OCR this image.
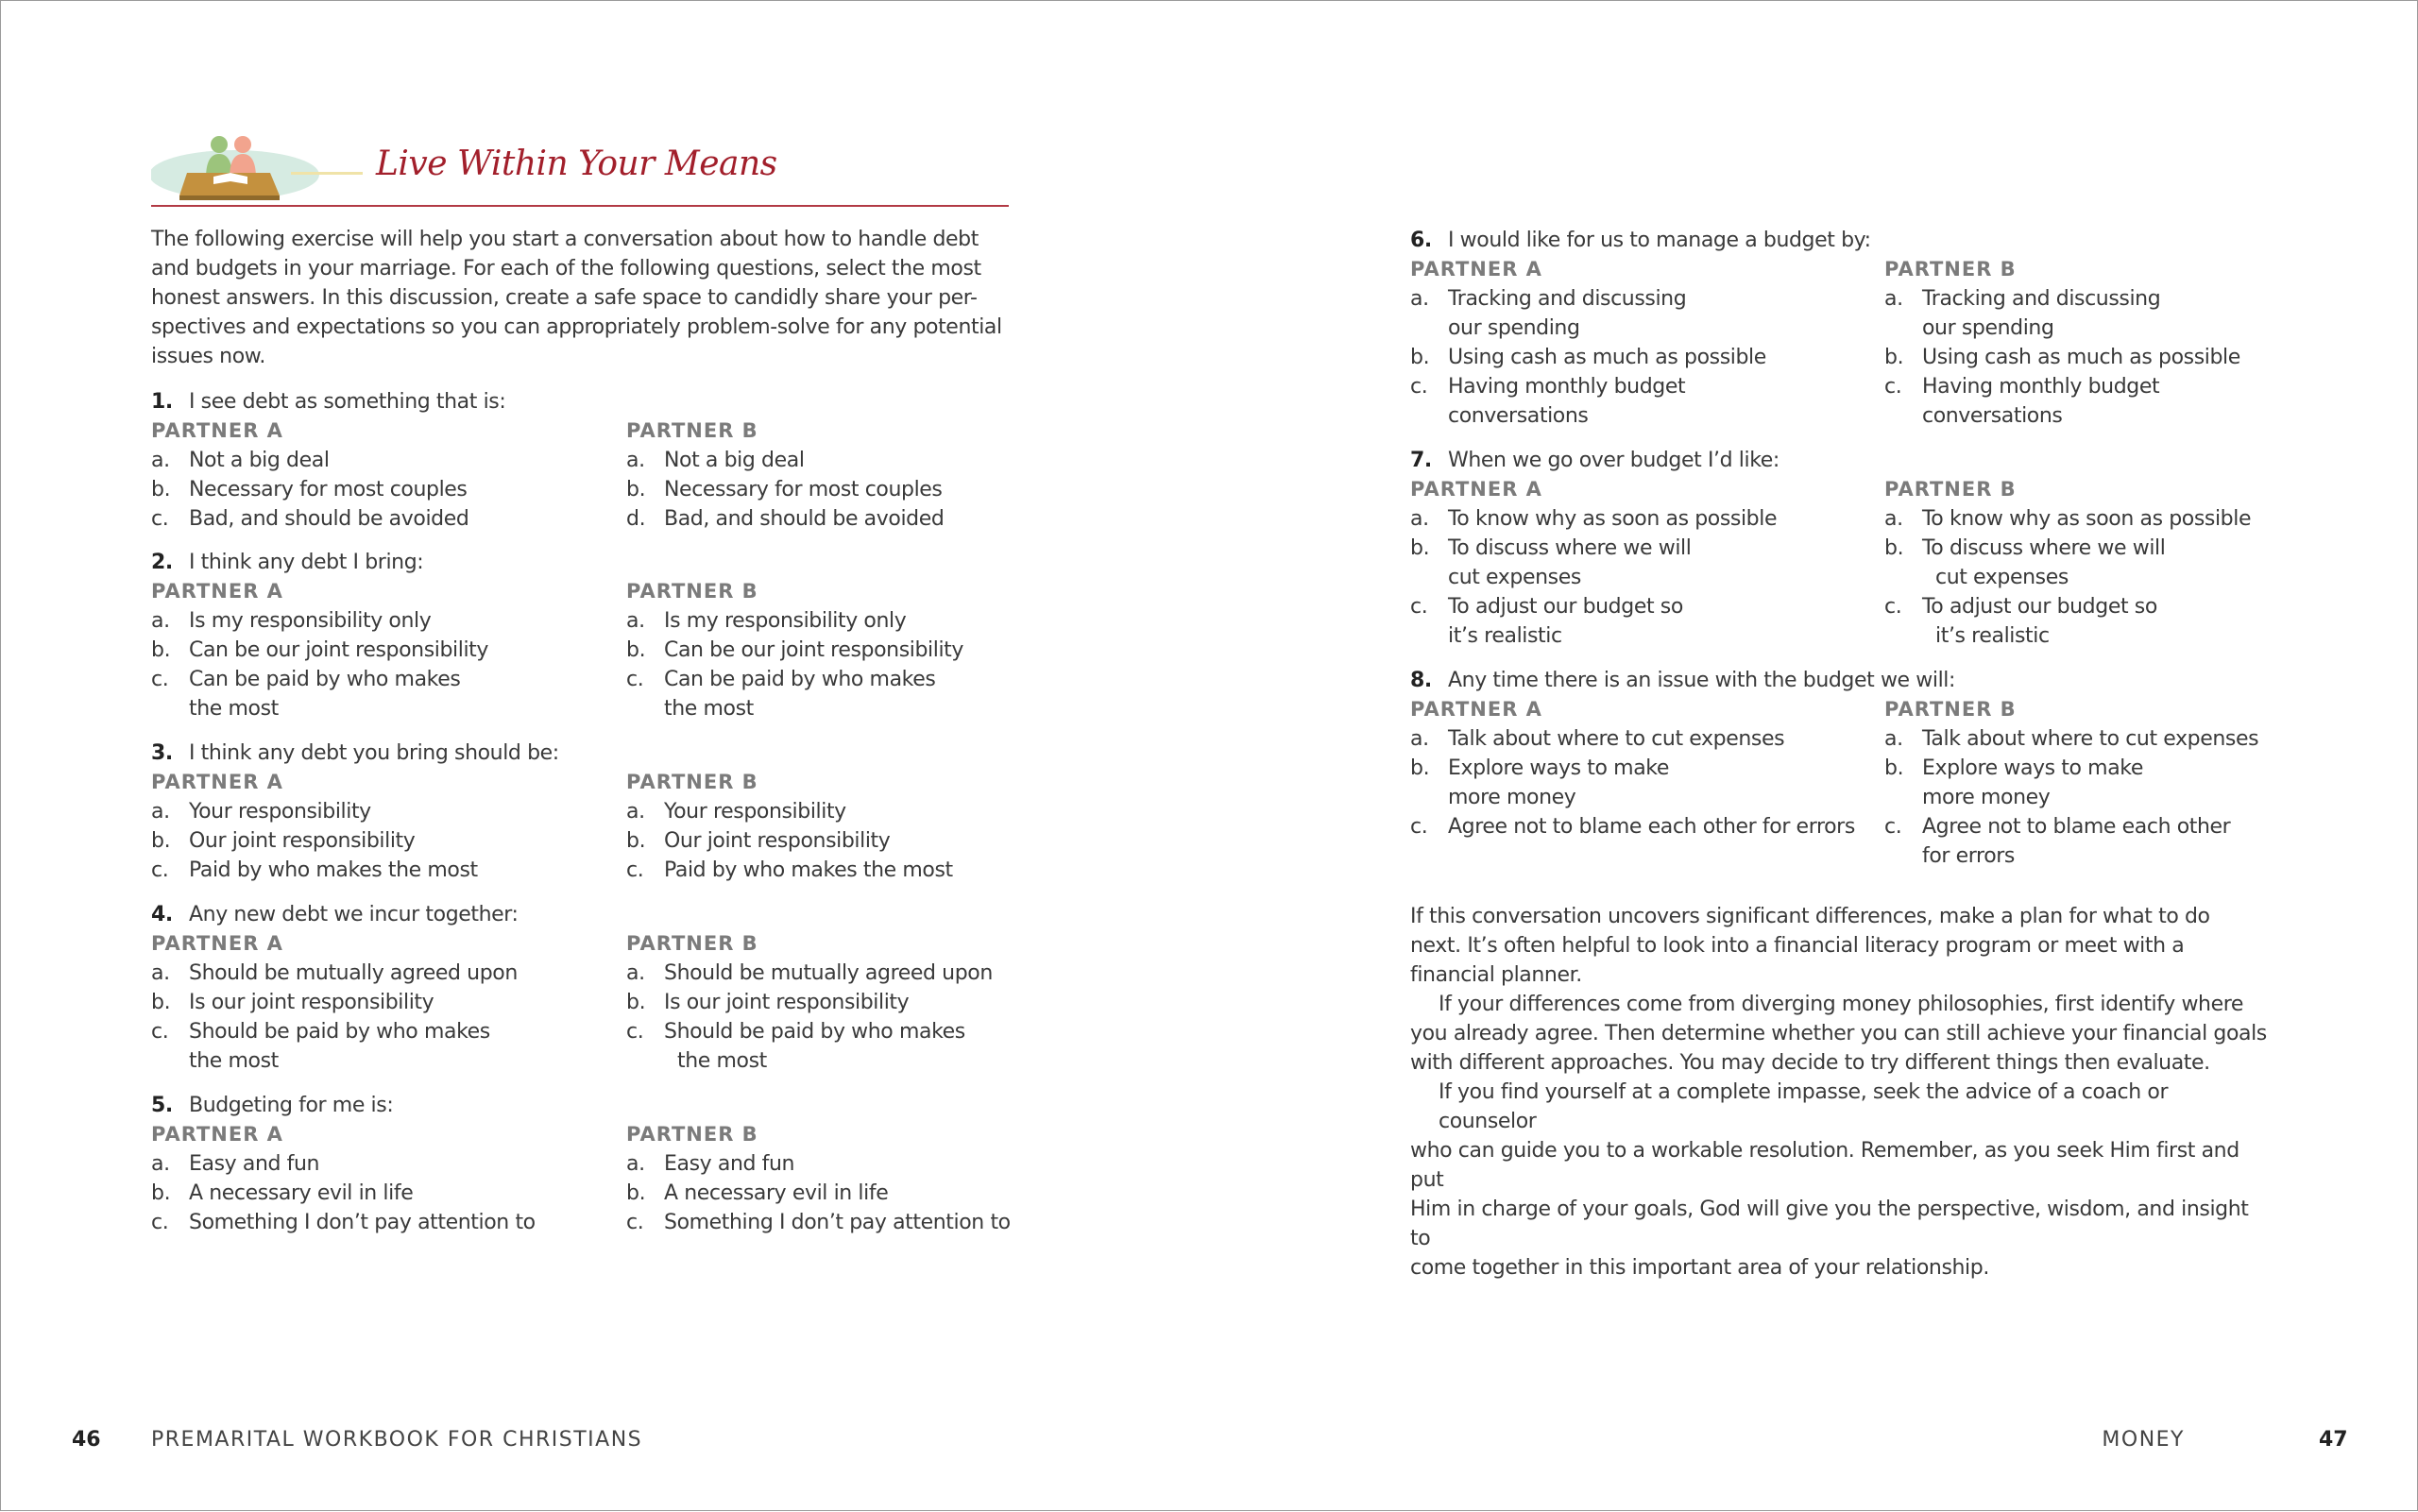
Live Within Your Means
The following exercise will help you start a conversation about how to handle debt
and budgets in your marriage. For each of the following questions, select the most
honest answers. In this discussion, create a safe space to candidly share your per-
spectives and expectations so you can appropriately problem-solve for any potential
issues now.
1. I see debt as something that is:
PARTNER A
a. Not a big deal
b. Necessary for most couples
c. Bad, and should be avoided
PARTNER B
a. Not a big deal
b. Necessary for most couples
d. Bad, and should be avoided
2. I think any debt I bring:
PARTNER A
a. Is my responsibility only
b. Can be our joint responsibility
c. Can be paid by who makes
the most
PARTNER B
a. Is my responsibility only
b. Can be our joint responsibility
c. Can be paid by who makes
the most
3. I think any debt you bring should be:
PARTNER A
a. Your responsibility
b. Our joint responsibility
c. Paid by who makes the most
PARTNER B
a. Your responsibility
b. Our joint responsibility
c. Paid by who makes the most
4. Any new debt we incur together:
PARTNER A
a. Should be mutually agreed upon
b. Is our joint responsibility
c. Should be paid by who makes
the most
PARTNER B
a. Should be mutually agreed upon
b. Is our joint responsibility
c. Should be paid by who makes
the most
5. Budgeting for me is:
PARTNER A
a. Easy and fun
b. A necessary evil in life
c. Something I don’t pay attention to
PARTNER B
a. Easy and fun
b. A necessary evil in life
c. Something I don’t pay attention to
46 PREMARITAL WORKBOOK FOR CHRISTIANS
6. I would like for us to manage a budget by:
PARTNER A
a. Tracking and discussing
our spending
b. Using cash as much as possible
c. Having monthly budget
conversations
PARTNER B
a. Tracking and discussing
our spending
b. Using cash as much as possible
c. Having monthly budget
conversations
7. When we go over budget I’d like:
PARTNER A
a. To know why as soon as possible
b. To discuss where we will
cut expenses
c. To adjust our budget so
it’s realistic
PARTNER B
a. To know why as soon as possible
b. To discuss where we will
cut expenses
c. To adjust our budget so
it’s realistic
8. Any time there is an issue with the budget we will:
PARTNER A
a. Talk about where to cut expenses
b. Explore ways to make
more money
c. Agree not to blame each other for errors
PARTNER B
a. Talk about where to cut expenses
b. Explore ways to make
more money
c. Agree not to blame each other
for errors

If this conversation uncovers significant differences, make a plan for what to do
next. It’s often helpful to look into a financial literacy program or meet with a
financial planner.

If your differences come from diverging money philosophies, first identify where
you already agree. Then determine whether you can still achieve your financial goals
with different approaches. You may decide to try different things then evaluate.

If you find yourself at a complete impasse, seek the advice of a coach or counselor
who can guide you to a workable resolution. Remember, as you seek Him first and put
Him in charge of your goals, God will give you the perspective, wisdom, and insight to
come together in this important area of your relationship.

MONEY	47
